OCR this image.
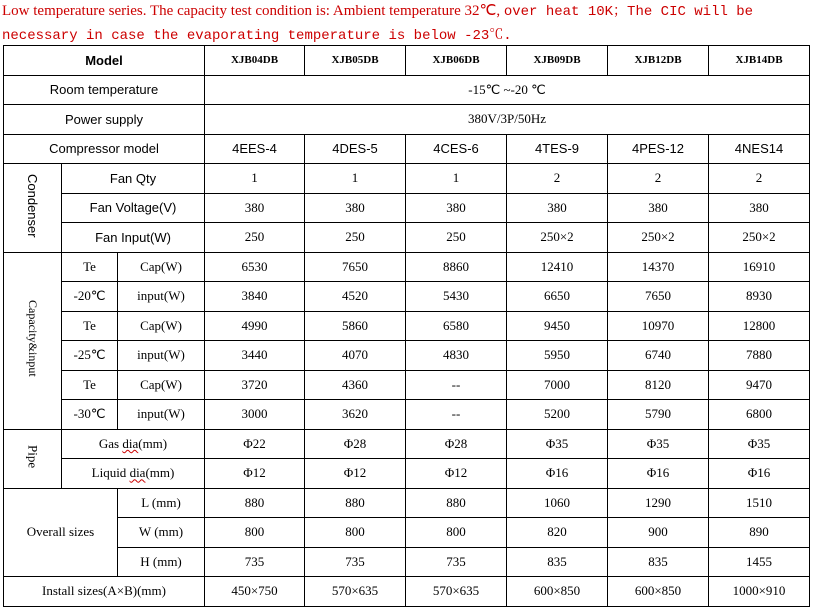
Low temperature series. The capacity test condition is: Ambient temperature 32℃, over heat 10K；The CIC will be necessary in case the evaporating temperature is below -23℃.
Model			XJB04DB	XJB05DB	XJB06DB	XJB09DB	XJB12DB	XJB14DB
Room temperature			-15℃ ~-20 ℃					
Power supply			380V/3P/50Hz					
Compressor model			4EES-4	4DES-5	4CES-6	4TES-9	4PES-12	4NES14
Condenser	Fan Qty		1	1	1	2	2	2
	Fan Voltage(V)		380	380	380	380	380	380
	Fan Input(W)		250	250	250	250×2	250×2	250×2
Capacity&input	Te	Cap(W)	6530	7650	8860	12410	14370	16910
	-20℃	input(W)	3840	4520	5430	6650	7650	8930
	Te	Cap(W)	4990	5860	6580	9450	10970	12800
	-25℃	input(W)	3440	4070	4830	5950	6740	7880
	Te	Cap(W)	3720	4360	--	7000	8120	9470
	-30℃	input(W)	3000	3620	--	5200	5790	6800
Pipe	Gas dia(mm)		Φ22	Φ28	Φ28	Φ35	Φ35	Φ35
	Liquid dia(mm)		Φ12	Φ12	Φ12	Φ16	Φ16	Φ16
Overall sizes		L (mm)	880	880	880	1060	1290	1510
		W (mm)	800	800	800	820	900	890
		H (mm)	735	735	735	835	835	1455
Install sizes(A×B)(mm)			450×750	570×635	570×635	600×850	600×850	1000×910
